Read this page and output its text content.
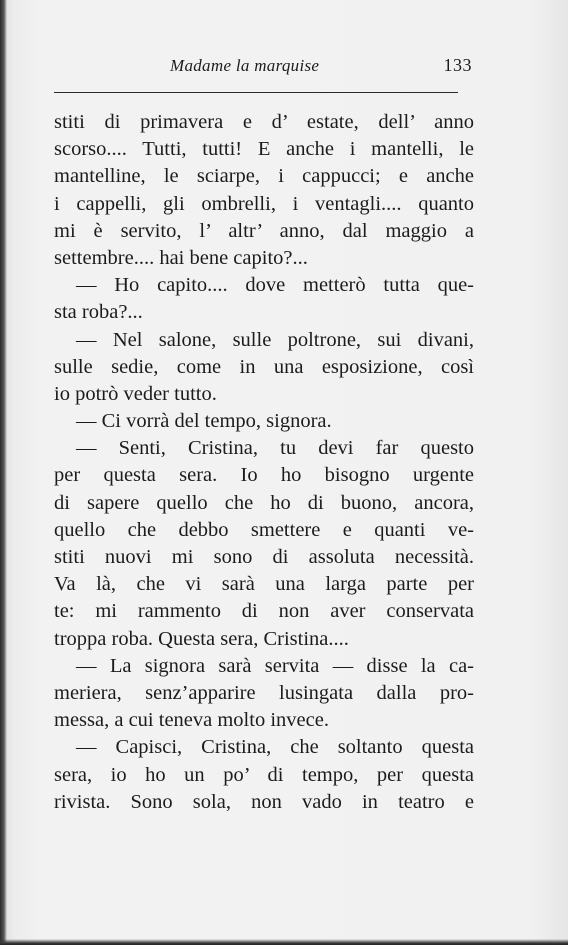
Madame la marquise	133
stiti di primavera e d’ estate, dell’ anno
scorso.... Tutti, tutti! E anche i mantelli, le
mantelline, le sciarpe, i cappucci; e anche
i cappelli, gli ombrelli, i ventagli.... quanto
mi è servito, l’ altr’ anno, dal maggio a
settembre.... hai bene capito?...
— Ho capito.... dove metterò tutta que-
sta roba?...
— Nel salone, sulle poltrone, sui divani,
sulle sedie, come in una esposizione, così
io potrò veder tutto.
— Ci vorrà del tempo, signora.
— Senti, Cristina, tu devi far questo
per questa sera. Io ho bisogno urgente
di sapere quello che ho di buono, ancora,
quello che debbo smettere e quanti ve-
stiti nuovi mi sono di assoluta necessità.
Va là, che vi sarà una larga parte per
te: mi rammento di non aver conservata
troppa roba. Questa sera, Cristina....
— La signora sarà servita — disse la ca-
meriera, senz’apparire lusingata dalla pro-
messa, a cui teneva molto invece.
— Capisci, Cristina, che soltanto questa
sera, io ho un po’ di tempo, per questa
rivista. Sono sola, non vado in teatro e
